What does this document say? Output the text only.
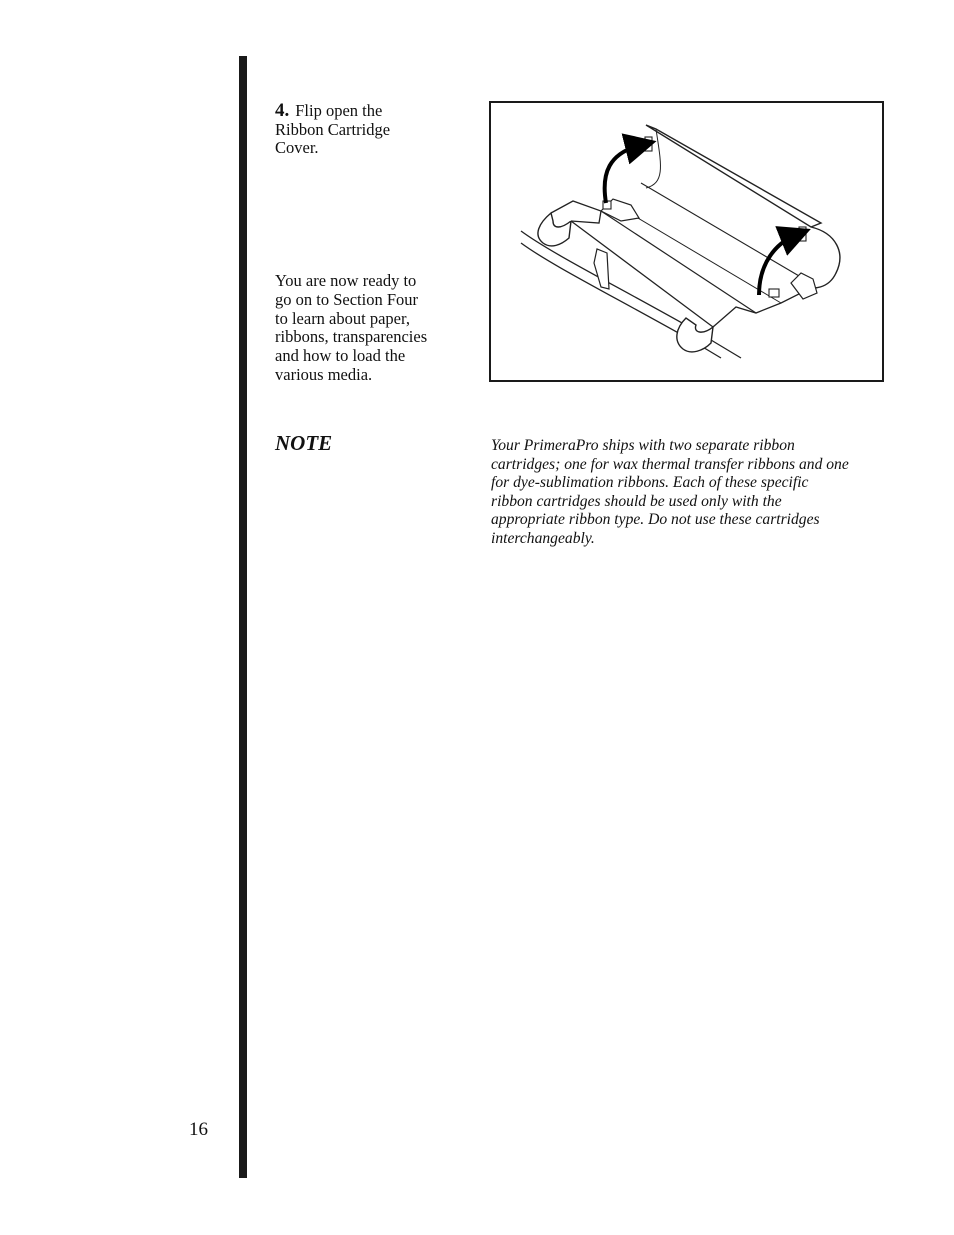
4. Flip open the
Ribbon Cartridge
Cover.
You are now ready to
go on to Section Four
to learn about paper,
ribbons, transparencies
and how to load the
various media.
NOTE	Your PrimeraPro ships with two separate ribbon
cartridges; one for wax thermal transfer ribbons and one
for dye-sublimation ribbons. Each of these specific
ribbon cartridges should be used only with the
appropriate ribbon type. Do not use these cartridges
interchangeably.
16
